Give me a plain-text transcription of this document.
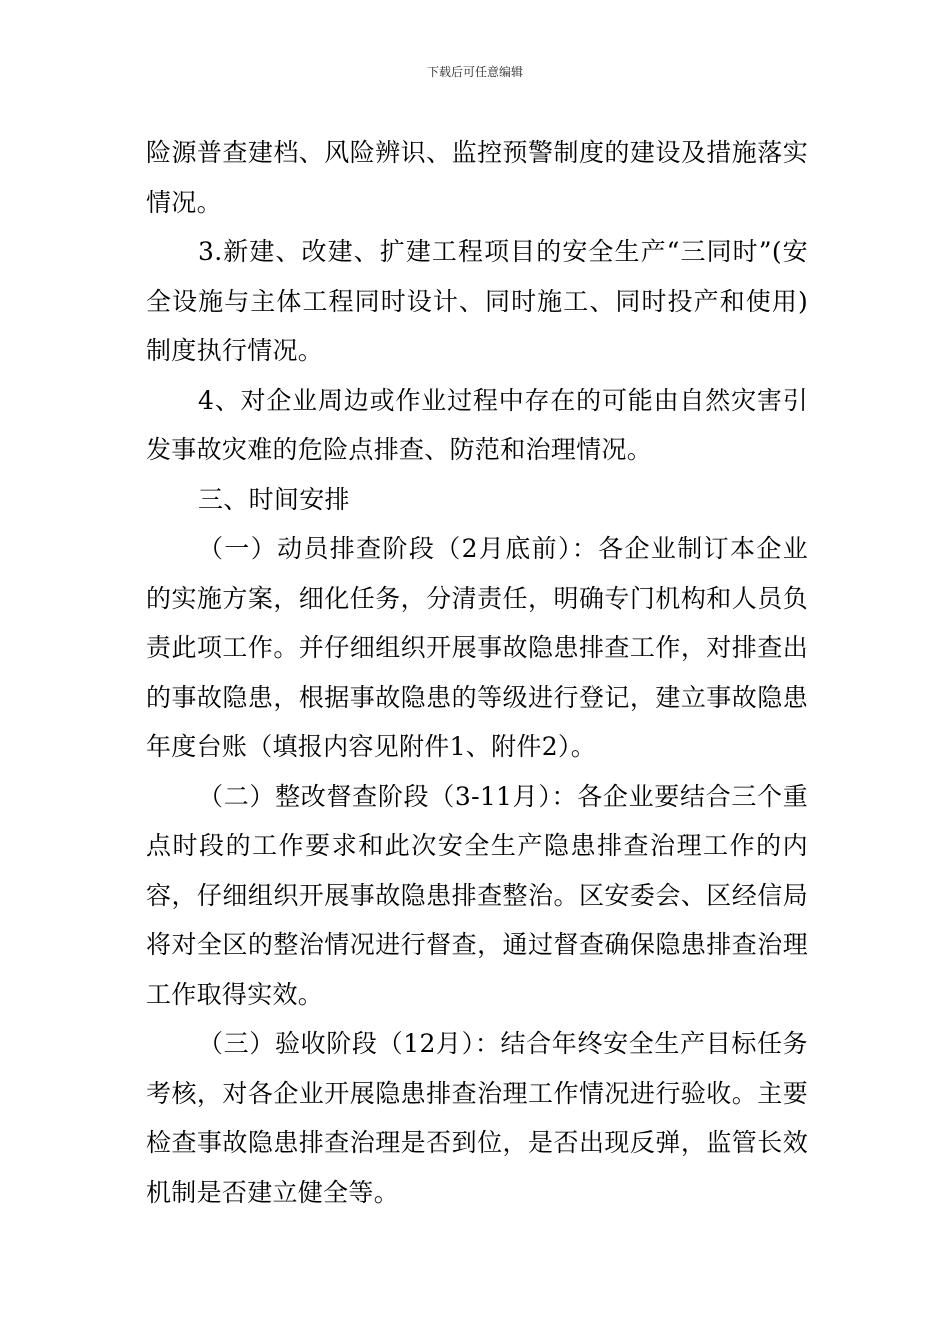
下载后可任意编辑

险源普查建档、风险辨识、监控预警制度的建设及措施落实情况。

3.新建、改建、扩建工程项目的安全生产“三同时”(安全设施与主体工程同时设计、同时施工、同时投产和使用)制度执行情况。

4、对企业周边或作业过程中存在的可能由自然灾害引发事故灾难的危险点排查、防范和治理情况。

三、时间安排

（一）动员排查阶段（2月底前）：各企业制订本企业的实施方案，细化任务，分清责任，明确专门机构和人员负责此项工作。并仔细组织开展事故隐患排查工作，对排查出的事故隐患，根据事故隐患的等级进行登记，建立事故隐患年度台账（填报内容见附件1、附件2）。

（二）整改督查阶段（3-11月）：各企业要结合三个重点时段的工作要求和此次安全生产隐患排查治理工作的内容，仔细组织开展事故隐患排查整治。区安委会、区经信局将对全区的整治情况进行督查，通过督查确保隐患排查治理工作取得实效。

（三）验收阶段（12月）：结合年终安全生产目标任务考核，对各企业开展隐患排查治理工作情况进行验收。主要检查事故隐患排查治理是否到位，是否出现反弹，监管长效机制是否建立健全等。
